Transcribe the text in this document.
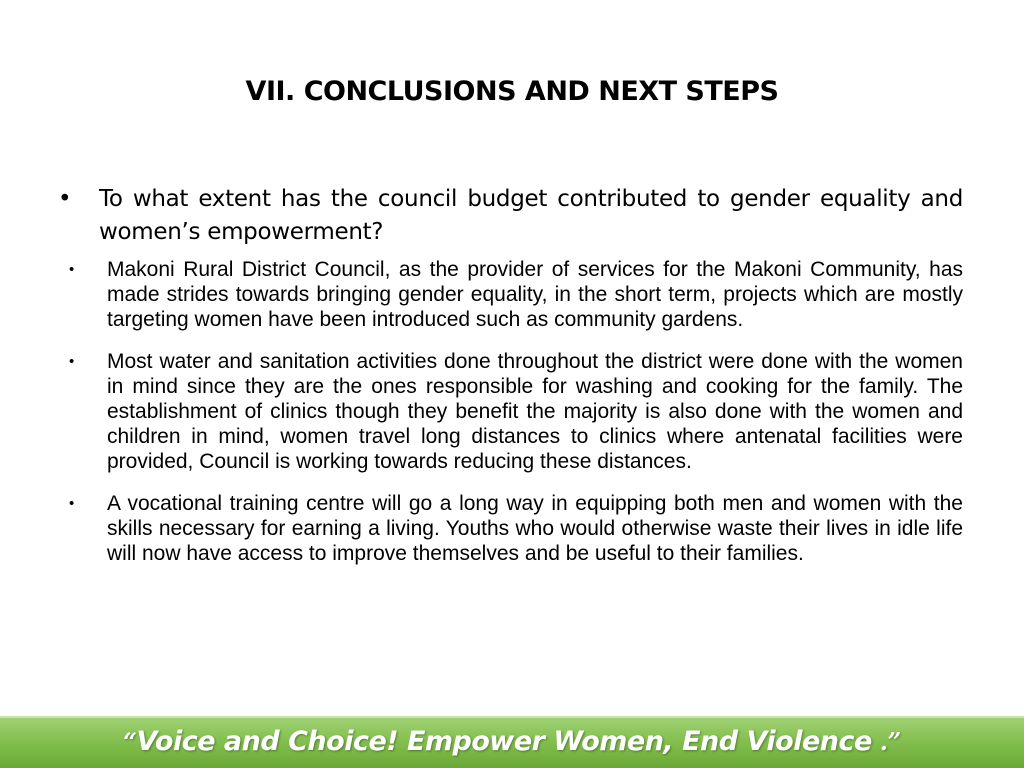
VII. CONCLUSIONS AND NEXT STEPS
•	To what extent has the council budget contributed to gender equality and women’s empowerment?
• Makoni Rural District Council, as the provider of services for the Makoni Community, has made strides towards bringing gender equality, in the short term, projects which are mostly targeting women have been introduced such as community gardens.
• Most water and sanitation activities done throughout the district were done with the women in mind since they are the ones responsible for washing and cooking for the family. The establishment of clinics though they benefit the majority is also done with the women and children in mind, women travel long distances to clinics where antenatal facilities were provided, Council is working towards reducing these distances.
• A vocational training centre will go a long way in equipping both men and women with the skills necessary for earning a living. Youths who would otherwise waste their lives in idle life will now have access to improve themselves and be useful to their families.
“Voice and Choice! Empower Women, End Violence .”
